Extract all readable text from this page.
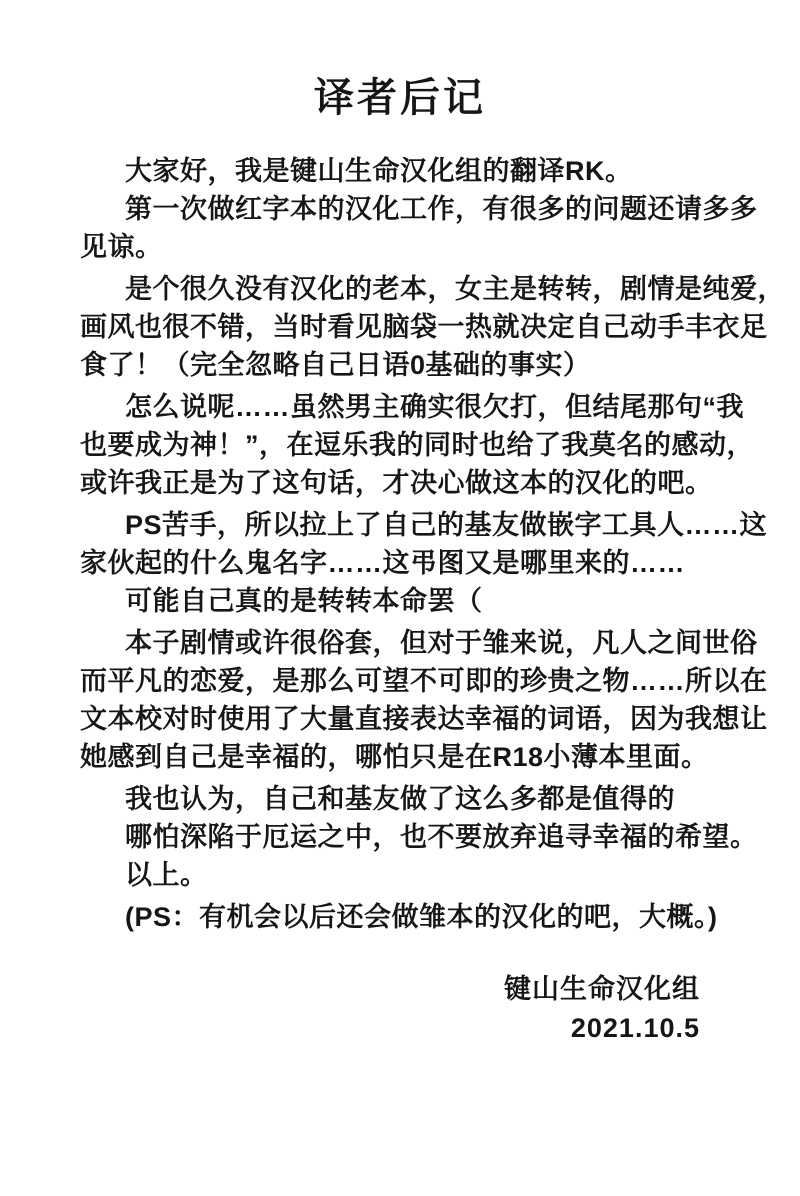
译者后记
大家好，我是键山生命汉化组的翻译RK。
第一次做红字本的汉化工作，有很多的问题还请多多
见谅。
是个很久没有汉化的老本，女主是转转，剧情是纯爱，
画风也很不错，当时看见脑袋一热就决定自己动手丰衣足
食了！（完全忽略自己日语0基础的事实）
怎么说呢……虽然男主确实很欠打，但结尾那句“我
也要成为神！”，在逗乐我的同时也给了我莫名的感动，
或许我正是为了这句话，才决心做这本的汉化的吧。
PS苦手，所以拉上了自己的基友做嵌字工具人……这
家伙起的什么鬼名字……这弔图又是哪里来的……
可能自己真的是转转本命罢（
本子剧情或许很俗套，但对于雏来说，凡人之间世俗
而平凡的恋爱，是那么可望不可即的珍贵之物……所以在
文本校对时使用了大量直接表达幸福的词语，因为我想让
她感到自己是幸福的，哪怕只是在R18小薄本里面。
我也认为，自己和基友做了这么多都是值得的
哪怕深陷于厄运之中，也不要放弃追寻幸福的希望。
以上。
(PS：有机会以后还会做雏本的汉化的吧，大概。)
键山生命汉化组
2021.10.5
